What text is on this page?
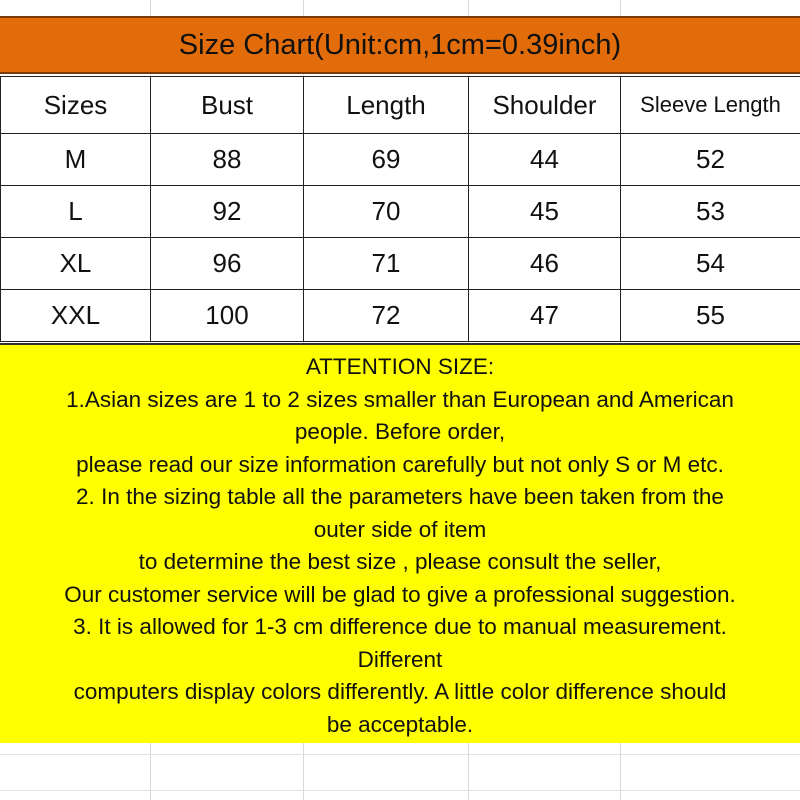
Size Chart(Unit:cm,1cm=0.39inch)
Sizes	Bust	Length	Shoulder	Sleeve Length
M	88	69	44	52
L	92	70	45	53
XL	96	71	46	54
XXL	100	72	47	55
ATTENTION SIZE:
1.Asian sizes are 1 to 2 sizes smaller than European and American
people. Before order,
please read our size information carefully but not only S or M etc.
2. In the sizing table all the parameters have been taken from the
outer side of item
to determine the best size , please consult the seller,
Our customer service will be glad to give a professional suggestion.
3. It is allowed for 1-3 cm difference due to manual measurement.
Different
computers display colors differently. A little color difference should
be acceptable.
